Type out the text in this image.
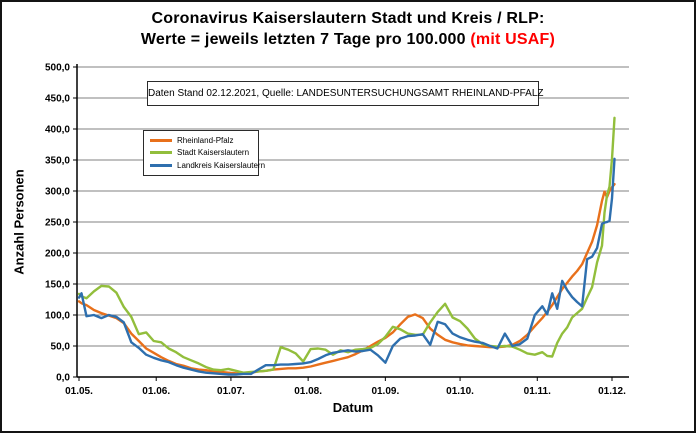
Coronavirus Kaiserslautern Stadt und Kreis / RLP:
Werte = jeweils letzten 7 Tage pro 100.000 (mit USAF)
0,0
50,0
100,0
150,0
200,0
250,0
300,0
350,0
400,0
450,0
500,0
01.05.	01.06.	01.07.	01.08.	01.09.	01.10.	01.11.	01.12.
Daten Stand 02.12.2021, Quelle: LANDESUNTERSUCHUNGSAMT RHEINLAND-PFALZ
Rheinland-Pfalz
Stadt Kaiserslautern
Landkreis Kaiserslautern
Anzahl Personen
Datum
